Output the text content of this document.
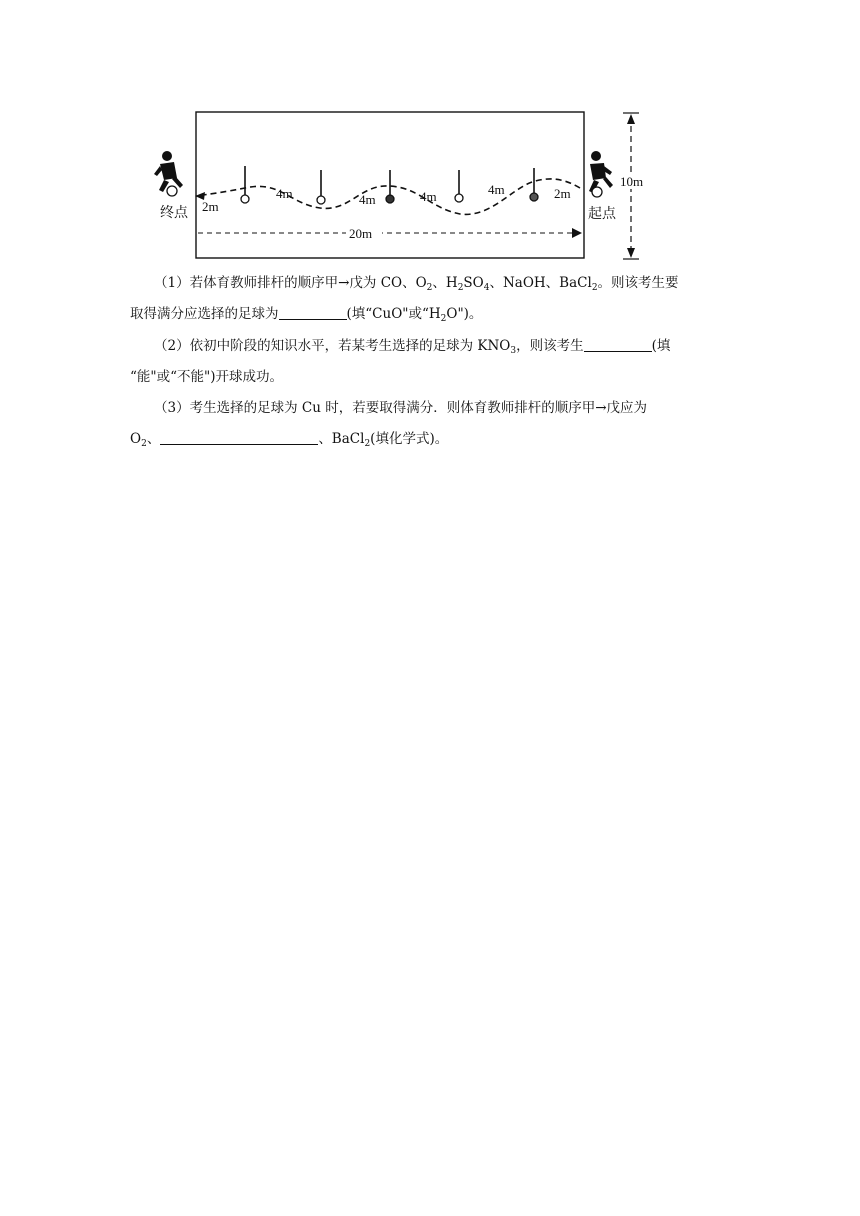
10m
20m
2m
4m	4m	4m	4m	2m
终点	起点

（1）若体育教师排杆的顺序甲→戊为 CO、$O_2$、$H_2SO_4$、NaOH、BaCl$_2$。则该考生要

取得满分应选择的足球为	(填“CuO"或“$H_2O$")。

（2）依初中阶段的知识水平，若某考生选择的足球为 $KNO_3$，则该考生	(填

“能"或“不能")开球成功。

（3）考生选择的足球为 Cu 时，若要取得满分．则体育教师排杆的顺序甲→戊应为

$O_2$、	、BaCl$_2$(填化学式)。
